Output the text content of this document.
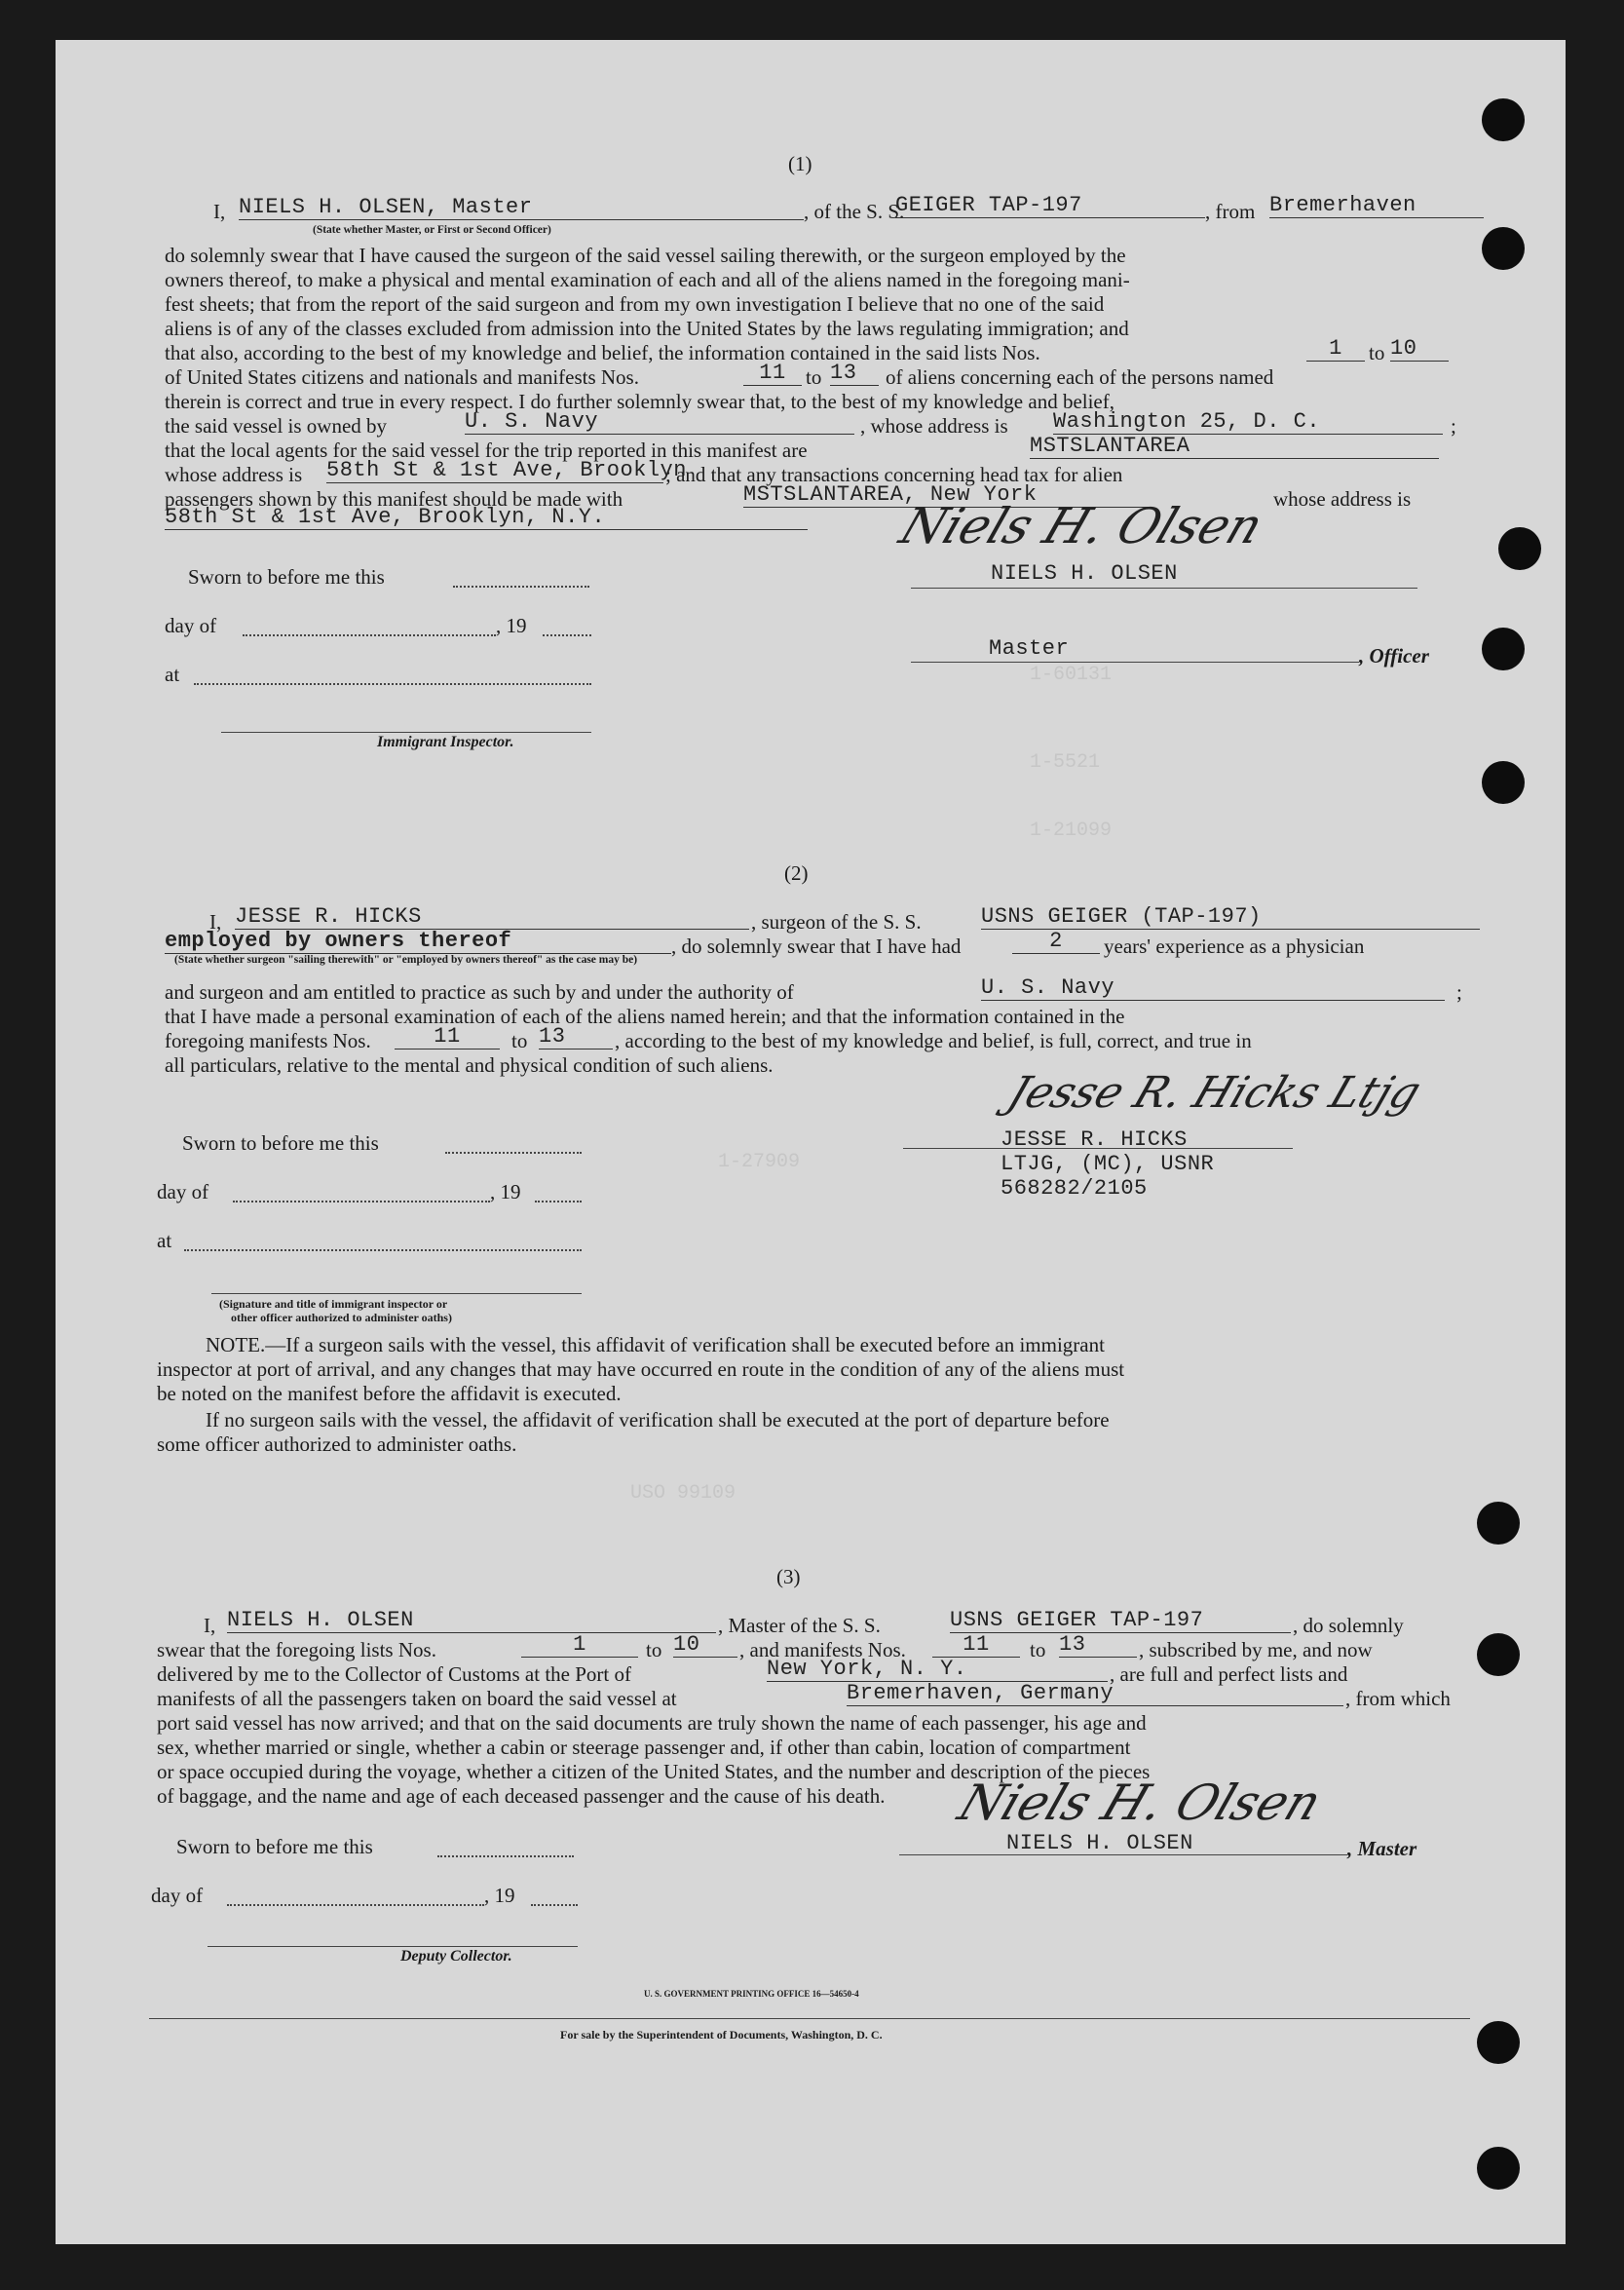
(1)
I, NIELS H. OLSEN, Master
(State whether Master, or First or Second Officer)
, of the S. S.
GEIGER TAP-197	, from Bremerhaven
do solemnly swear that I have caused the surgeon of the said vessel sailing therewith, or the surgeon employed by the
owners thereof, to make a physical and mental examination of each and all of the aliens named in the foregoing mani-
fest sheets; that from the report of the said surgeon and from my own investigation I believe that no one of the said
aliens is of any of the classes excluded from admission into the United States by the laws regulating immigration; and
that also, according to the best of my knowledge and belief, the information contained in the said lists Nos.	1	to 10
of United States citizens and nationals and manifests Nos.	11 to 13	of aliens concerning each of the persons named
therein is correct and true in every respect. I do further solemnly swear that, to the best of my knowledge and belief,
the said vessel is owned by	U. S. Navy	, whose address is Washington 25, D. C.	;
that the local agents for the said vessel for the trip reported in this manifest are	MSTSLANTAREA
whose address is 58th St & 1st Ave, Brooklyn
; and that any transactions concerning head tax for alien
passengers shown by this manifest should be made with	MSTSLANTAREA, New York	whose address is
58th St & 1st Ave, Brooklyn, N.Y.	Niels H. Olsen
Sworn to before me this	NIELS H. OLSEN
day of	, 19
Master	, Officer
at
Immigrant Inspector.
1-60131
1-5521
1-21099
(2)
I, JESSE R. HICKS	, surgeon of the S. S.	USNS GEIGER (TAP-197)
employed by owners thereof
(State whether surgeon "sailing therewith" or "employed by owners thereof" as the case may be)
, do solemnly swear that I have had	2	years' experience as a physician
and surgeon and am entitled to practice as such by and under the authority of	U. S. Navy	;
that I have made a personal examination of each of the aliens named herein; and that the information contained in the
foregoing manifests Nos.	11	to 13	, according to the best of my knowledge and belief, is full, correct, and true in
all particulars, relative to the mental and physical condition of such aliens.
Jesse R. Hicks Ltjg
Sworn to before me this	JESSE R. HICKS
LTJG, (MC), USNR
568282/2105
day of	, 19
at
(Signature and title of immigrant inspector or
other officer authorized to administer oaths)
NOTE.—If a surgeon sails with the vessel, this affidavit of verification shall be executed before an immigrant
inspector at port of arrival, and any changes that may have occurred en route in the condition of any of the aliens must
be noted on the manifest before the affidavit is executed.
If no surgeon sails with the vessel, the affidavit of verification shall be executed at the port of departure before
some officer authorized to administer oaths.
1-27909
USO 99109
(3)
I, NIELS H. OLSEN	, Master of the S. S.	USNS GEIGER TAP-197	, do solemnly
swear that the foregoing lists Nos.	1	to 10	, and manifests Nos.	11	to 13	, subscribed by me, and now
delivered by me to the Collector of Customs at the Port of	New York, N. Y.	, are full and perfect lists and
manifests of all the passengers taken on board the said vessel at	Bremerhaven, Germany	, from which
port said vessel has now arrived; and that on the said documents are truly shown the name of each passenger, his age and
sex, whether married or single, whether a cabin or steerage passenger and, if other than cabin, location of compartment
or space occupied during the voyage, whether a citizen of the United States, and the number and description of the pieces
of baggage, and the name and age of each deceased passenger and the cause of his death. Niels H. Olsen
Sworn to before me this	NIELS H. OLSEN	, Master
day of	, 19
Deputy Collector.
U. S. GOVERNMENT PRINTING OFFICE 16—54650-4
For sale by the Superintendent of Documents, Washington, D. C.
